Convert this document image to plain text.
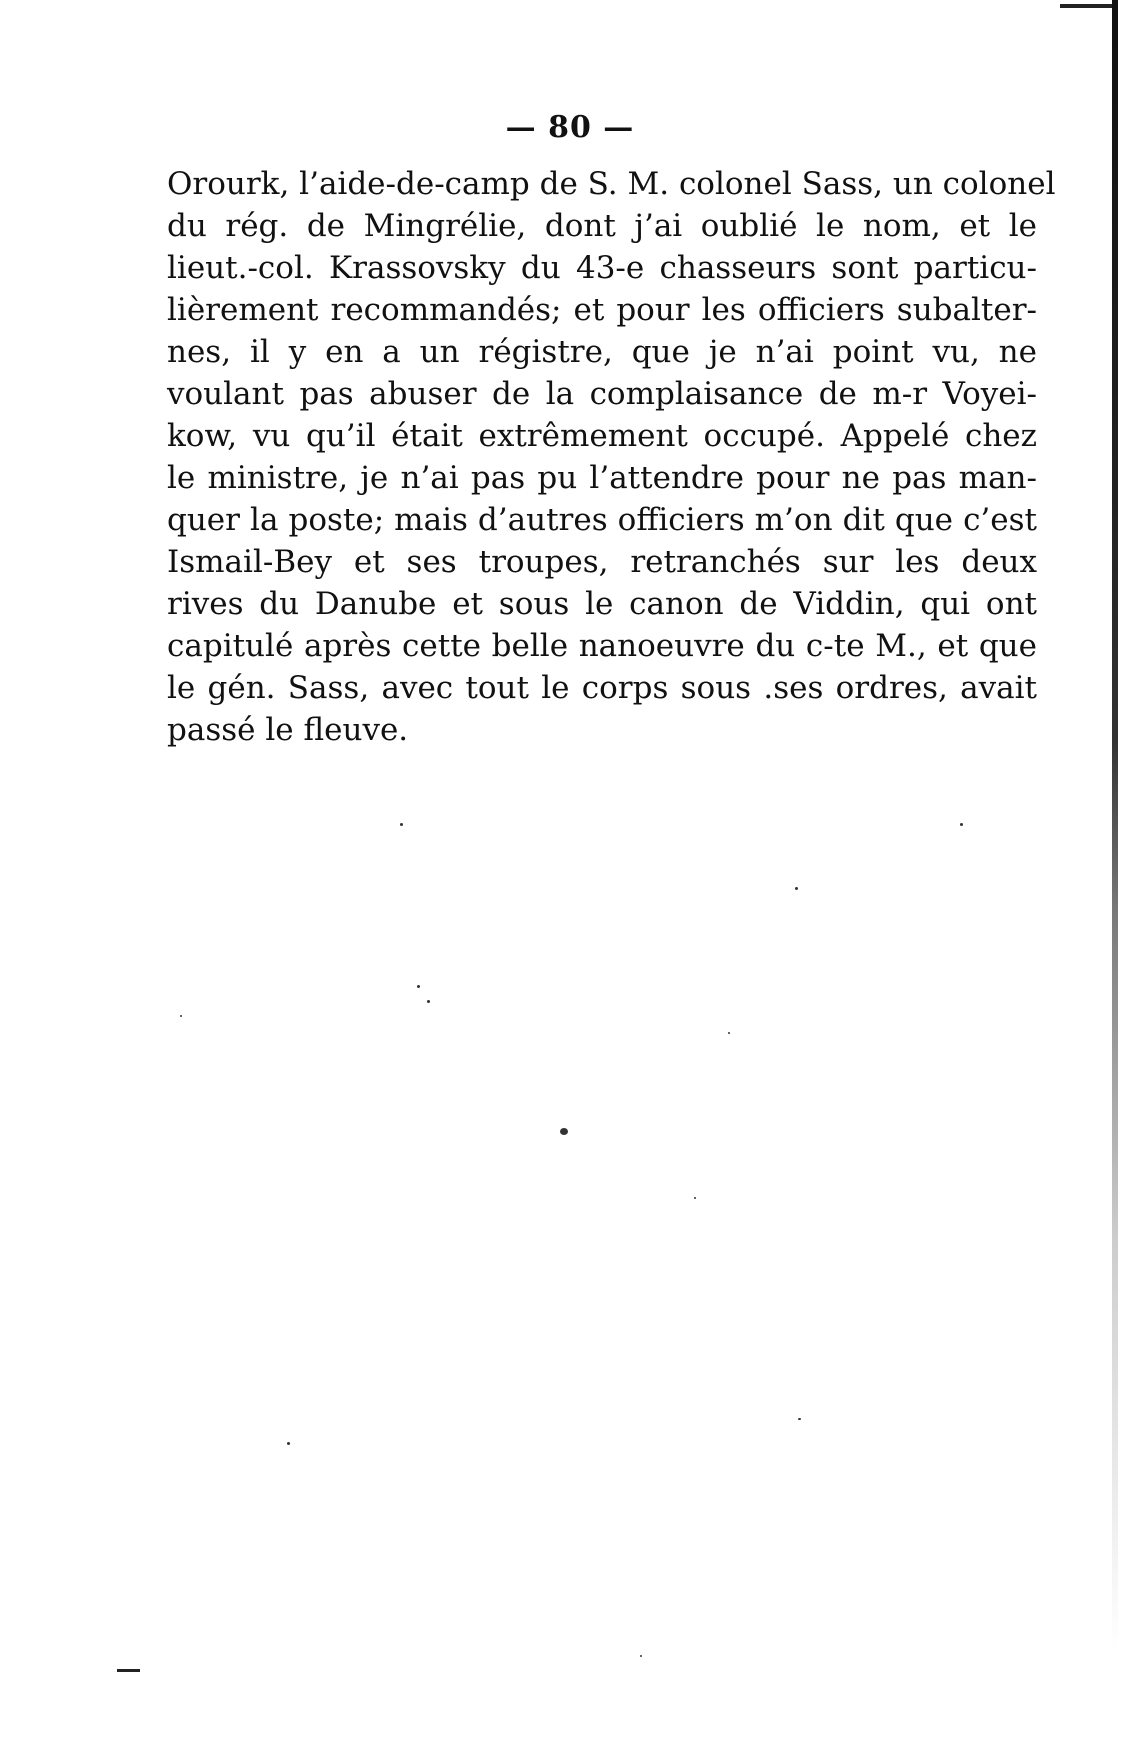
— 80 —
Orourk, l’aide-de-camp de S. M. colonel Sass, un colonel
du rég. de Mingrélie, dont j’ai oublié le nom, et le
lieut.-col. Krassovsky du 43-e chasseurs sont particu-
lièrement recommandés; et pour les officiers subalter-
nes, il y en a un régistre, que je n’ai point vu, ne
voulant pas abuser de la complaisance de m-r Voyei-
kow, vu qu’il était extrêmement occupé. Appelé chez
le ministre, je n’ai pas pu l’attendre pour ne pas man-
quer la poste; mais d’autres officiers m’on dit que c’est
Ismail-Bey et ses troupes, retranchés sur les deux
rives du Danube et sous le canon de Viddin, qui ont
capitulé après cette belle nanoeuvre du c-te M., et que
le gén. Sass, avec tout le corps sous .ses ordres, avait
passé le fleuve.
